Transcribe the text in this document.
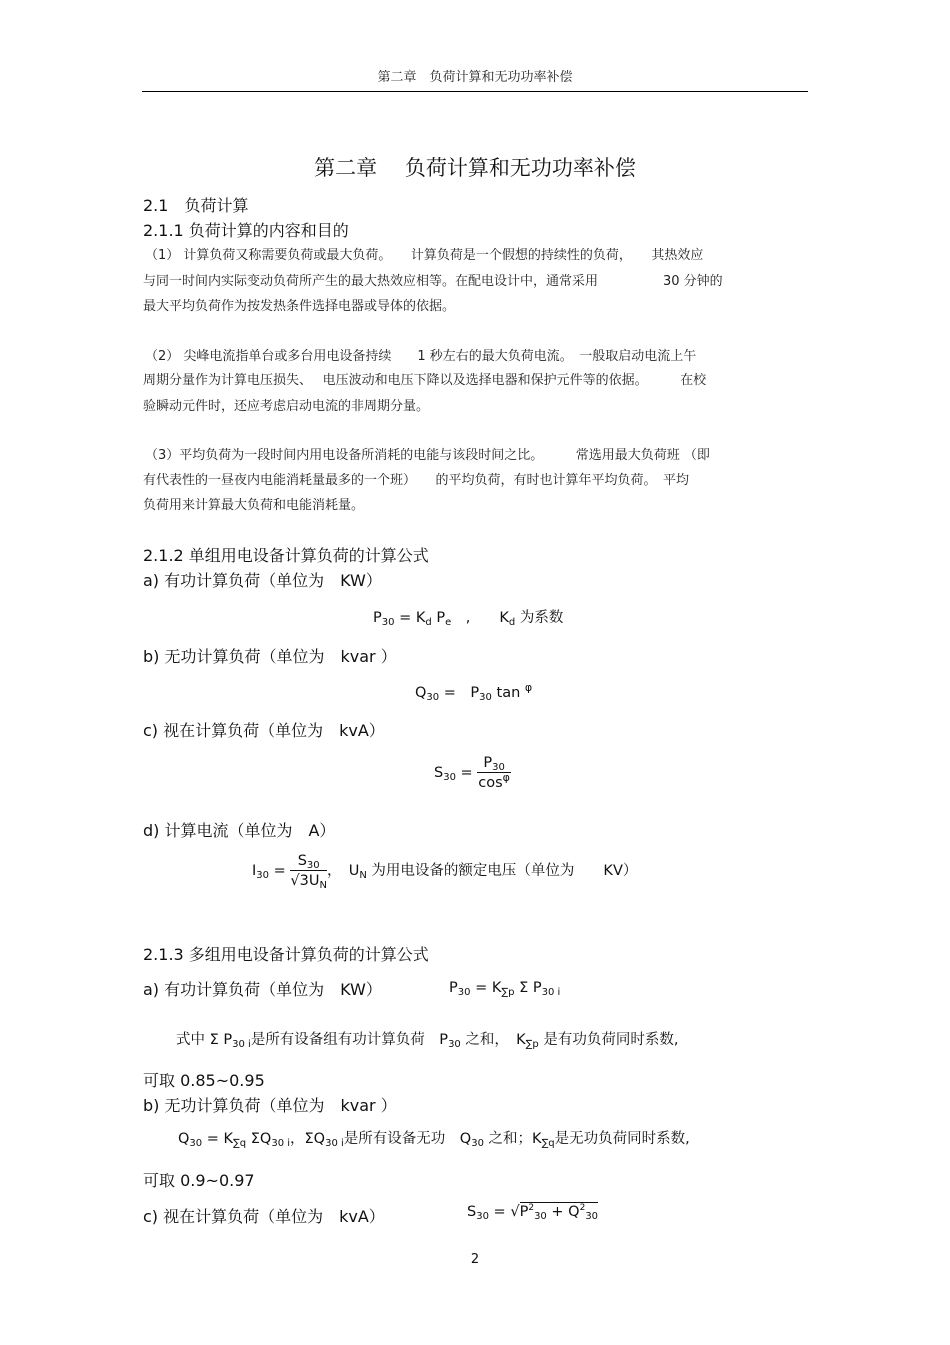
第二章　负荷计算和无功功率补偿
第二章　 负荷计算和无功功率补偿
2.1　负荷计算
2.1.1 负荷计算的内容和目的
（1） 计算负荷又称需要负荷或最大负荷。　　计算负荷是一个假想的持续性的负荷，　　其热效应
与同一时间内实际变动负荷所产生的最大热效应相等。在配电设计中，通常采用　　　　　30 分钟的
最大平均负荷作为按发热条件选择电器或导体的依据。
（2） 尖峰电流指单台或多台用电设备持续　　1 秒左右的最大负荷电流。　一般取启动电流上午
周期分量作为计算电压损失、　 电压波动和电压下降以及选择电器和保护元件等的依据。　　　在校
验瞬动元件时，还应考虑启动电流的非周期分量。
（3）平均负荷为一段时间内用电设备所消耗的电能与该段时间之比。　　　常选用最大负荷班 （即
有代表性的一昼夜内电能消耗量最多的一个班）　　的平均负荷，有时也计算年平均负荷。　平均
负荷用来计算最大负荷和电能消耗量。
2.1.2 单组用电设备计算负荷的计算公式
a) 有功计算负荷（单位为　KW）
$P_{30} = K_d$ $P_e$　,　　$K_d$ 为系数
b) 无功计算负荷（单位为　kvar ）
$Q_{30}$ =　$P_{30}$ tan $^\varphi$
c) 视在计算负荷（单位为　kvA）
$S_{30} = \frac{P_{30}}{\cos^\varphi}$
d) 计算电流（单位为　A）
$I_{30} = \frac{S_{30}}{√3U_N}$ ，　$U_N$ 为用电设备的额定电压（单位为　　KV）
2.1.3 多组用电设备计算负荷的计算公式
a) 有功计算负荷（单位为　KW）	$P_{30} = K_{\sum p}$ Σ $P_{30 i}$
式中 Σ $P_{30 i}$是所有设备组有功计算负荷　$P_{30}$ 之和，　$K_{\sum p}$ 是有功负荷同时系数,
可取 0.85~0.95
b) 无功计算负荷（单位为　kvar ）
$Q_{30} = K_{\sum q}$ $\Sigma Q_{30 i}$，$\Sigma Q_{30 i}$是所有设备无功　$Q_{30}$ 之和；$K_{\sum q}$是无功负荷同时系数,
可取 0.9~0.97
c) 视在计算负荷（单位为　kvA）	$S_{30} = √P^2_{30} + Q^2_{30}$
2
